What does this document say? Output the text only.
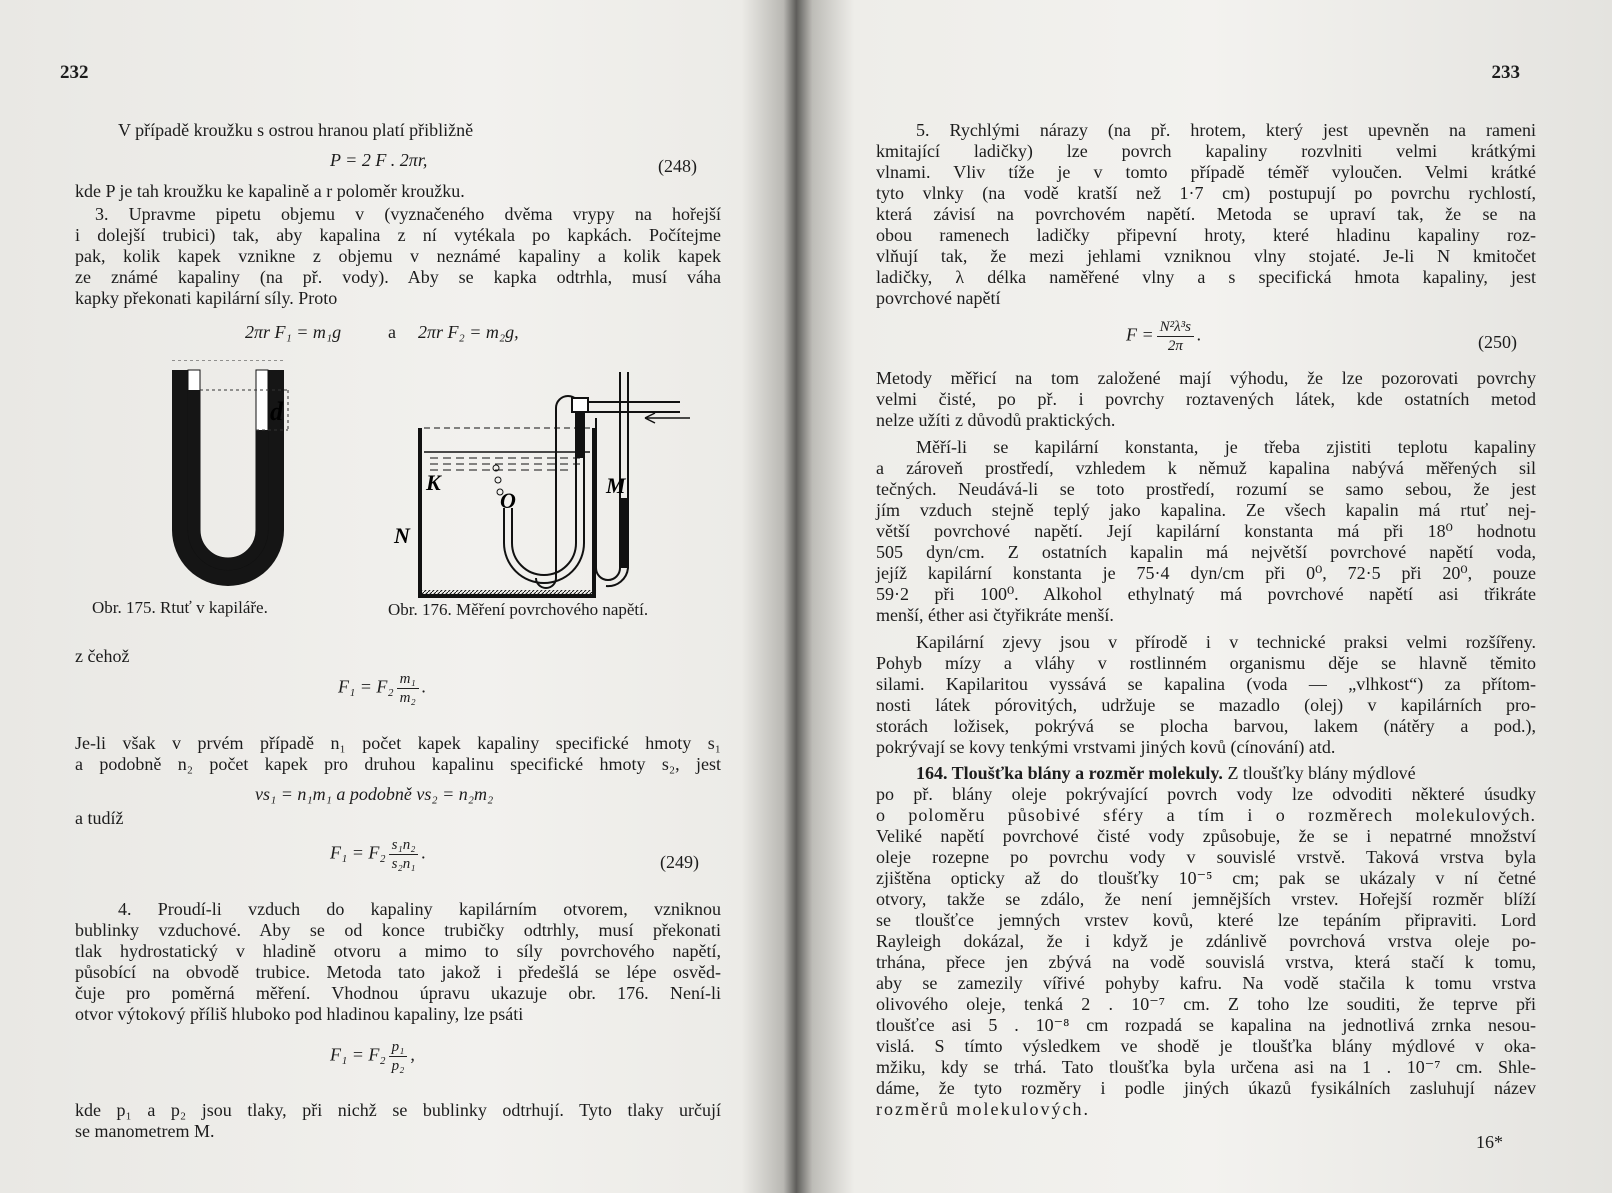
232
V případě kroužku s ostrou hranou platí přibližně
P = 2 F . 2πr,	(248)
kde P je tah kroužku ke kapalině a r poloměr kroužku.
3. Upravme pipetu objemu v (vyznačeného dvěma vrypy na hořejší
i dolejší trubici) tak, aby kapalina z ní vytékala po kapkách. Počítejme
pak, kolik kapek vznikne z objemu v neznámé kapaliny a kolik kapek
ze známé kapaliny (na př. vody). Aby se kapka odtrhla, musí váha
kapky překonati kapilární síly. Proto
2πr F₁ = m₁g	a 2πr F₂ = m₂g,
d
K
O
M
N
Obr. 175. Rtuť v kapiláře.	Obr. 176. Měření povrchového napětí.
z čehož
$F_1 = F_2 \frac{\text{m₁}}{\text{m₂}}$ .
Je-li však v prvém případě n₁ počet kapek kapaliny specifické hmoty s₁
a podobně n₂ počet kapek pro druhou kapalinu specifické hmoty s₂, jest
vs₁ = n₁m₁ a podobně vs₂ = n₂m₂
a tudíž
$F_1 = F_2 \frac{\text{s₁n₂}}{\text{s₂n₁}}$ .	(249)
4. Proudí-li vzduch do kapaliny kapilárním otvorem, vzniknou
bublinky vzduchové. Aby se od konce trubičky odtrhly, musí překonati
tlak hydrostatický v hladině otvoru a mimo to síly povrchového napětí,
působící na obvodě trubice. Metoda tato jakož i předešlá se lépe osvěd-
čuje pro poměrná měření. Vhodnou úpravu ukazuje obr. 176. Není-li
otvor výtokový příliš hluboko pod hladinou kapaliny, lze psáti
$F_1 = F_2 \frac{\text{p₁}}{\text{p₂}}$ ,
kde p₁ a p₂ jsou tlaky, při nichž se bublinky odtrhují. Tyto tlaky určují
se manometrem M.
233
5. Rychlými nárazy (na př. hrotem, který jest upevněn na rameni
kmitající ladičky) lze povrch kapaliny rozvlniti velmi krátkými
vlnami. Vliv tíže je v tomto případě téměř vyloučen. Velmi krátké
tyto vlnky (na vodě kratší než 1·7 cm) postupují po povrchu rychlostí,
která závisí na povrchovém napětí. Metoda se upraví tak, že se na
obou ramenech ladičky připevní hroty, které hladinu kapaliny roz-
vlňují tak, že mezi jehlami vzniknou vlny stojaté. Je-li N kmitočet
ladičky, λ délka naměřené vlny a s specifická hmota kapaliny, jest
povrchové napětí
$F = \frac{\text{N²λ³s}}{2\pi}$ .	(250)
Metody měřicí na tom založené mají výhodu, že lze pozorovati povrchy
velmi čisté, po př. i povrchy roztavených látek, kde ostatních metod
nelze užíti z důvodů praktických.
Měří-li se kapilární konstanta, je třeba zjistiti teplotu kapaliny
a zároveň prostředí, vzhledem k němuž kapalina nabývá měřených sil
tečných. Neudává-li se toto prostředí, rozumí se samo sebou, že jest
jím vzduch stejně teplý jako kapalina. Ze všech kapalin má rtuť nej-
větší povrchové napětí. Její kapilární konstanta má při 18⁰ hodnotu
505 dyn/cm. Z ostatních kapalin má největší povrchové napětí voda,
jejíž kapilární konstanta je 75·4 dyn/cm při 0⁰, 72·5 při 20⁰, pouze
59·2 při 100⁰. Alkohol ethylnatý má povrchové napětí asi třikráte
menší, éther asi čtyřikráte menší.
Kapilární zjevy jsou v přírodě i v technické praksi velmi rozšířeny.
Pohyb mízy a vláhy v rostlinném organismu děje se hlavně těmito
silami. Kapilaritou vyssává se kapalina (voda — „vlhkost“) za přítom-
nosti látek pórovitých, udržuje se mazadlo (olej) v kapilárních pro-
storách ložisek, pokrývá se plocha barvou, lakem (nátěry a pod.),
pokrývají se kovy tenkými vrstvami jiných kovů (cínování) atd.
164. Tloušťka blány a rozměr molekuly. Z tloušťky blány mýdlové
po př. blány oleje pokrývající povrch vody lze odvoditi některé úsudky
o poloměru působivé sféry a tím i o rozměrech molekulových.
Veliké napětí povrchové čisté vody způsobuje, že se i nepatrné množství
oleje rozepne po povrchu vody v souvislé vrstvě. Taková vrstva byla
zjištěna opticky až do tloušťky 10⁻⁵ cm; pak se ukázaly v ní četné
otvory, takže se zdálo, že není jemnějších vrstev. Hořejší rozměr blíží
se tloušťce jemných vrstev kovů, které lze tepáním připraviti. Lord
Rayleigh dokázal, že i když je zdánlivě povrchová vrstva oleje po-
trhána, přece jen zbývá na vodě souvislá vrstva, která stačí k tomu,
aby se zamezily vířivé pohyby kafru. Na vodě stačila k tomu vrstva
olivového oleje, tenká 2 . 10⁻⁷ cm. Z toho lze souditi, že teprve při
tloušťce asi 5 . 10⁻⁸ cm rozpadá se kapalina na jednotlivá zrnka nesou-
vislá. S tímto výsledkem ve shodě je tloušťka blány mýdlové v oka-
mžiku, kdy se trhá. Tato tloušťka byla určena asi na 1 . 10⁻⁷ cm. Shle-
dáme, že tyto rozměry i podle jiných úkazů fysikálních zasluhují název
rozměrů molekulových.
16*
